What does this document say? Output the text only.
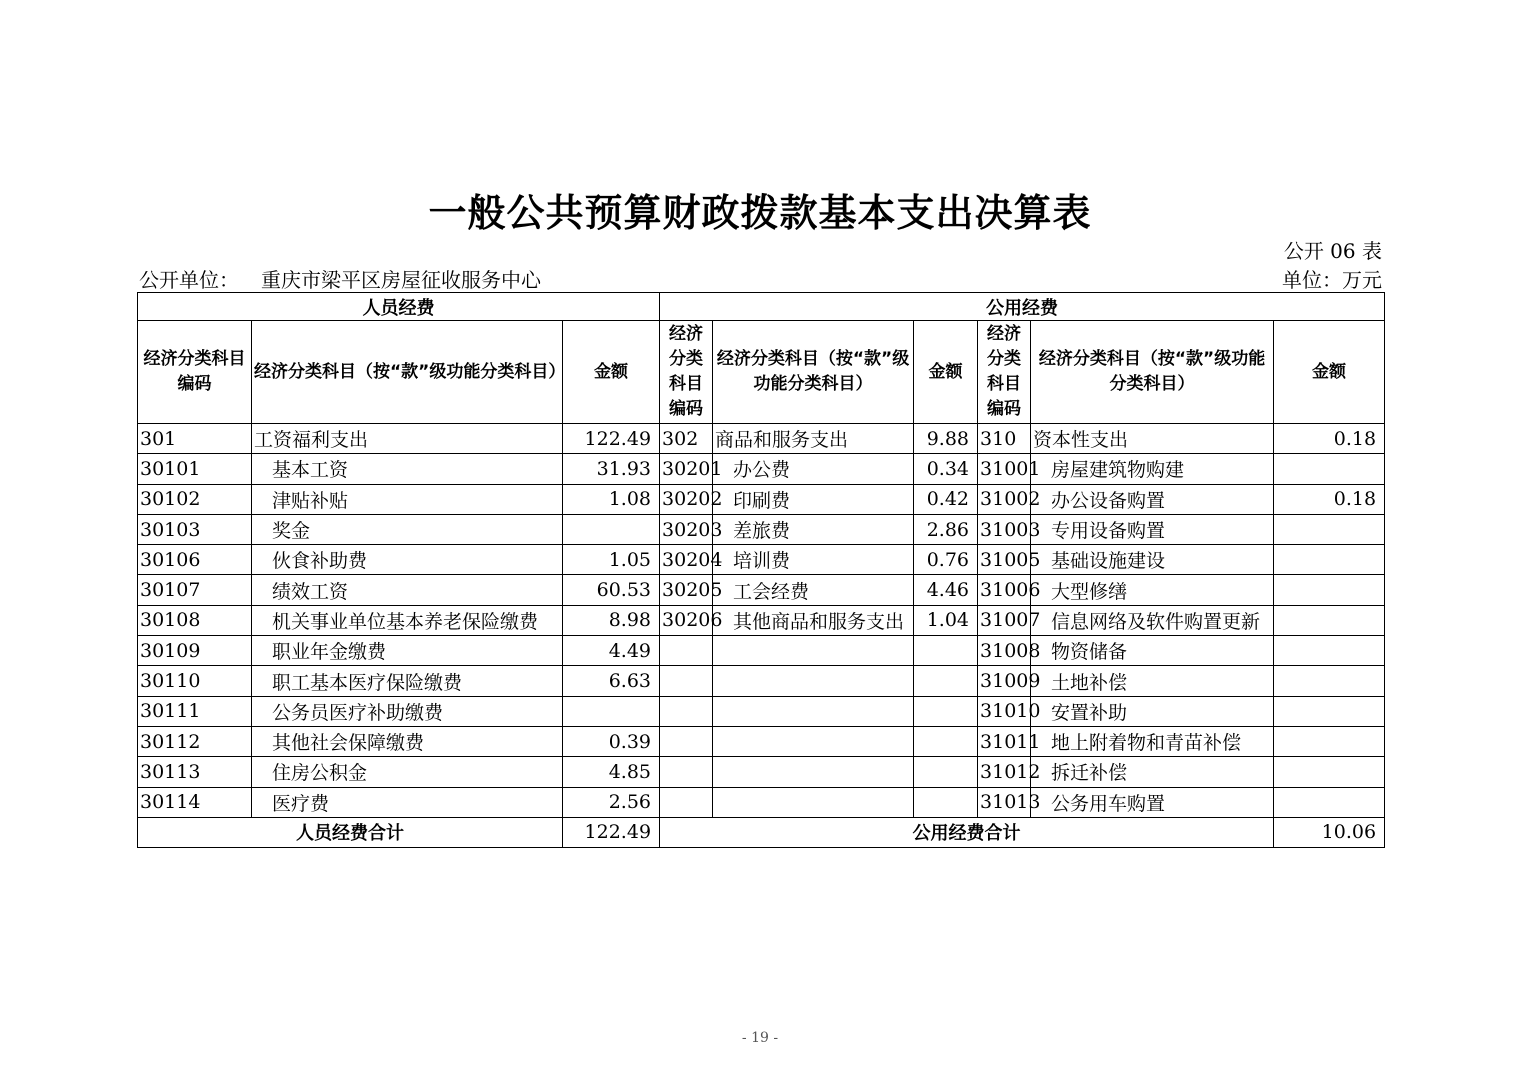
一般公共预算财政拨款基本支出决算表
公开 06 表
公开单位： 重庆市梁平区房屋征收服务中心	单位：万元
人员经费			公用经费					
经济分类科目编码	经济分类科目（按“款”级功能分类科目）	金额	经济分类科目编码	经济分类科目（按“款”级功能分类科目）	金额	经济分类科目编码	经济分类科目（按“款”级功能分类科目）	金额
301	工资福利支出	122.49	302	商品和服务支出	9.88	310	资本性支出	0.18
30101	基本工资	31.93	30201	办公费	0.34	31001	房屋建筑物购建	
30102	津贴补贴	1.08	30202	印刷费	0.42	31002	办公设备购置	0.18
30103	奖金		30203	差旅费	2.86	31003	专用设备购置	
30106	伙食补助费	1.05	30204	培训费	0.76	31005	基础设施建设	
30107	绩效工资	60.53	30205	工会经费	4.46	31006	大型修缮	
30108	机关事业单位基本养老保险缴费	8.98	30206	其他商品和服务支出	1.04	31007	信息网络及软件购置更新	
30109	职业年金缴费	4.49				31008	物资储备	
30110	职工基本医疗保险缴费	6.63				31009	土地补偿	
30111	公务员医疗补助缴费					31010	安置补助	
30112	其他社会保障缴费	0.39				31011	地上附着物和青苗补偿	
30113	住房公积金	4.85				31012	拆迁补偿	
30114	医疗费	2.56				31013	公务用车购置	
人员经费合计		122.49	公用经费合计					10.06
- 19 -
